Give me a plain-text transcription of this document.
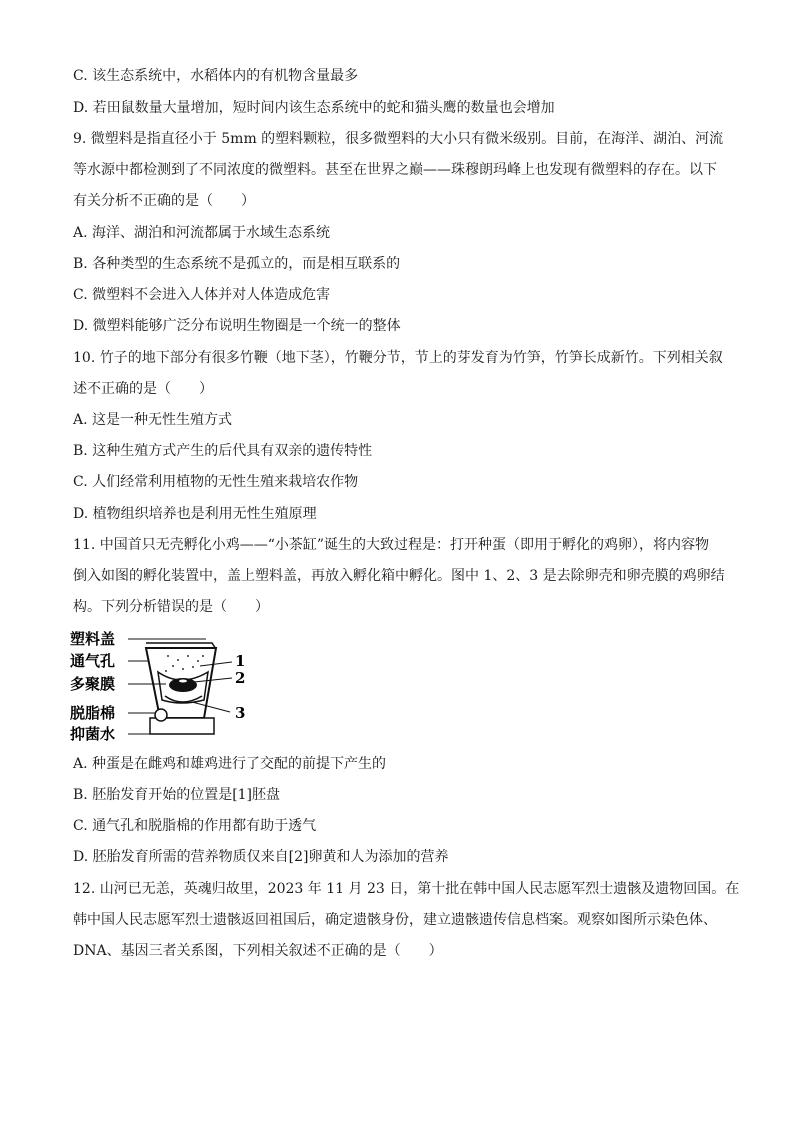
C. 该生态系统中，水稻体内的有机物含量最多
D. 若田鼠数量大量增加，短时间内该生态系统中的蛇和猫头鹰的数量也会增加
9. 微塑料是指直径小于 5mm 的塑料颗粒，很多微塑料的大小只有微米级别。目前，在海洋、湖泊、河流
等水源中都检测到了不同浓度的微塑料。甚至在世界之巅——珠穆朗玛峰上也发现有微塑料的存在。以下
有关分析不正确的是（　　）
A. 海洋、湖泊和河流都属于水域生态系统
B. 各种类型的生态系统不是孤立的，而是相互联系的
C. 微塑料不会进入人体并对人体造成危害
D. 微塑料能够广泛分布说明生物圈是一个统一的整体
10. 竹子的地下部分有很多竹鞭（地下茎），竹鞭分节，节上的芽发育为竹笋，竹笋长成新竹。下列相关叙
述不正确的是（　　）
A. 这是一种无性生殖方式
B. 这种生殖方式产生的后代具有双亲的遗传特性
C. 人们经常利用植物的无性生殖来栽培农作物
D. 植物组织培养也是利用无性生殖原理
11. 中国首只无壳孵化小鸡——“小茶缸”诞生的大致过程是：打开种蛋（即用于孵化的鸡卵），将内容物
倒入如图的孵化装置中，盖上塑料盖，再放入孵化箱中孵化。图中 1、2、3 是去除卵壳和卵壳膜的鸡卵结
构。下列分析错误的是（　　）
塑料盖
通气孔
多聚膜
脱脂棉
抑菌水
1
2
3
A. 种蛋是在雌鸡和雄鸡进行了交配的前提下产生的
B. 胚胎发育开始的位置是[1]胚盘
C. 通气孔和脱脂棉的作用都有助于透气
D. 胚胎发育所需的营养物质仅来自[2]卵黄和人为添加的营养
12. 山河已无恙，英魂归故里，2023 年 11 月 23 日，第十批在韩中国人民志愿军烈士遗骸及遗物回国。在
韩中国人民志愿军烈士遗骸返回祖国后，确定遗骸身份，建立遗骸遗传信息档案。观察如图所示染色体、
DNA、基因三者关系图，下列相关叙述不正确的是（　　）
